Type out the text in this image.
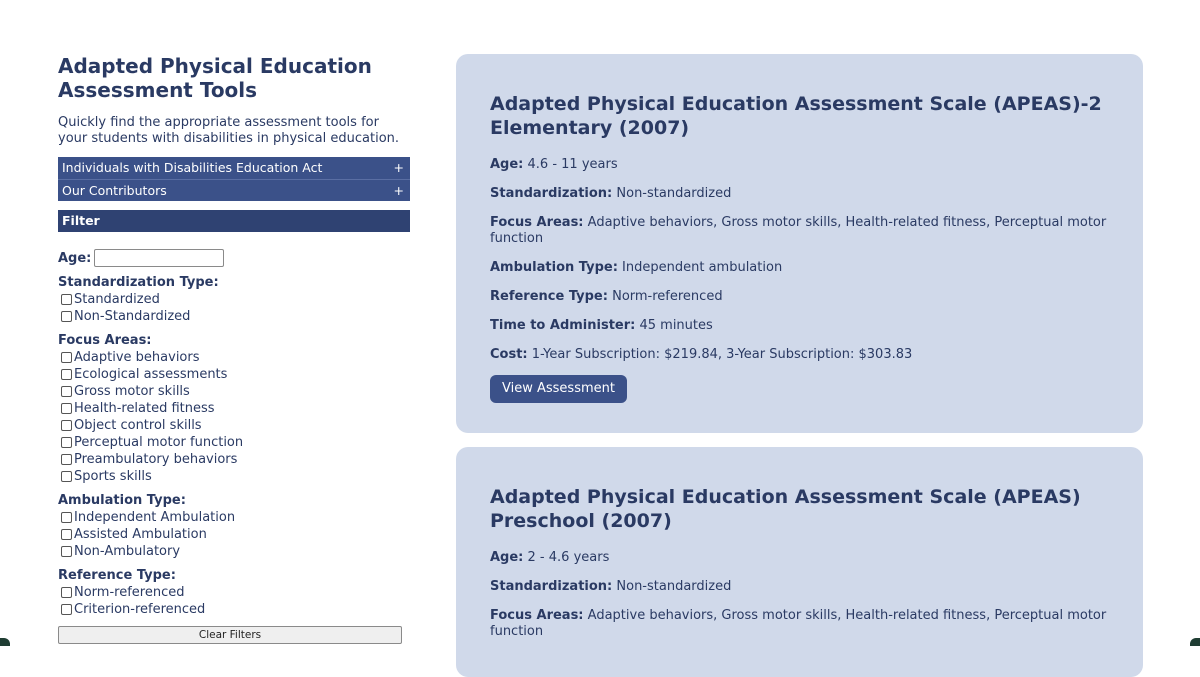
Adapted Physical Education Assessment Tools

Quickly find the appropriate assessment tools for your students with disabilities in physical education.

Individuals with Disabilities Education Act	+
Our Contributors	+
Filter
Age:
Standardization Type:
Standardized
Non-Standardized
Focus Areas:
Adaptive behaviors
Ecological assessments
Gross motor skills
Health-related fitness
Object control skills
Perceptual motor function
Preambulatory behaviors
Sports skills
Ambulation Type:
Independent Ambulation
Assisted Ambulation
Non-Ambulatory
Reference Type:
Norm-referenced
Criterion-referenced
Clear Filters
Adapted Physical Education Assessment Scale (APEAS)-2 Elementary (2007)
Age: 4.6 - 11 years
Standardization: Non-standardized
Focus Areas: Adaptive behaviors, Gross motor skills, Health-related fitness, Perceptual motor function
Ambulation Type: Independent ambulation
Reference Type: Norm-referenced
Time to Administer: 45 minutes
Cost: 1-Year Subscription: $219.84, 3-Year Subscription: $303.83
View Assessment
Adapted Physical Education Assessment Scale (APEAS) Preschool (2007)
Age: 2 - 4.6 years
Standardization: Non-standardized
Focus Areas: Adaptive behaviors, Gross motor skills, Health-related fitness, Perceptual motor function
